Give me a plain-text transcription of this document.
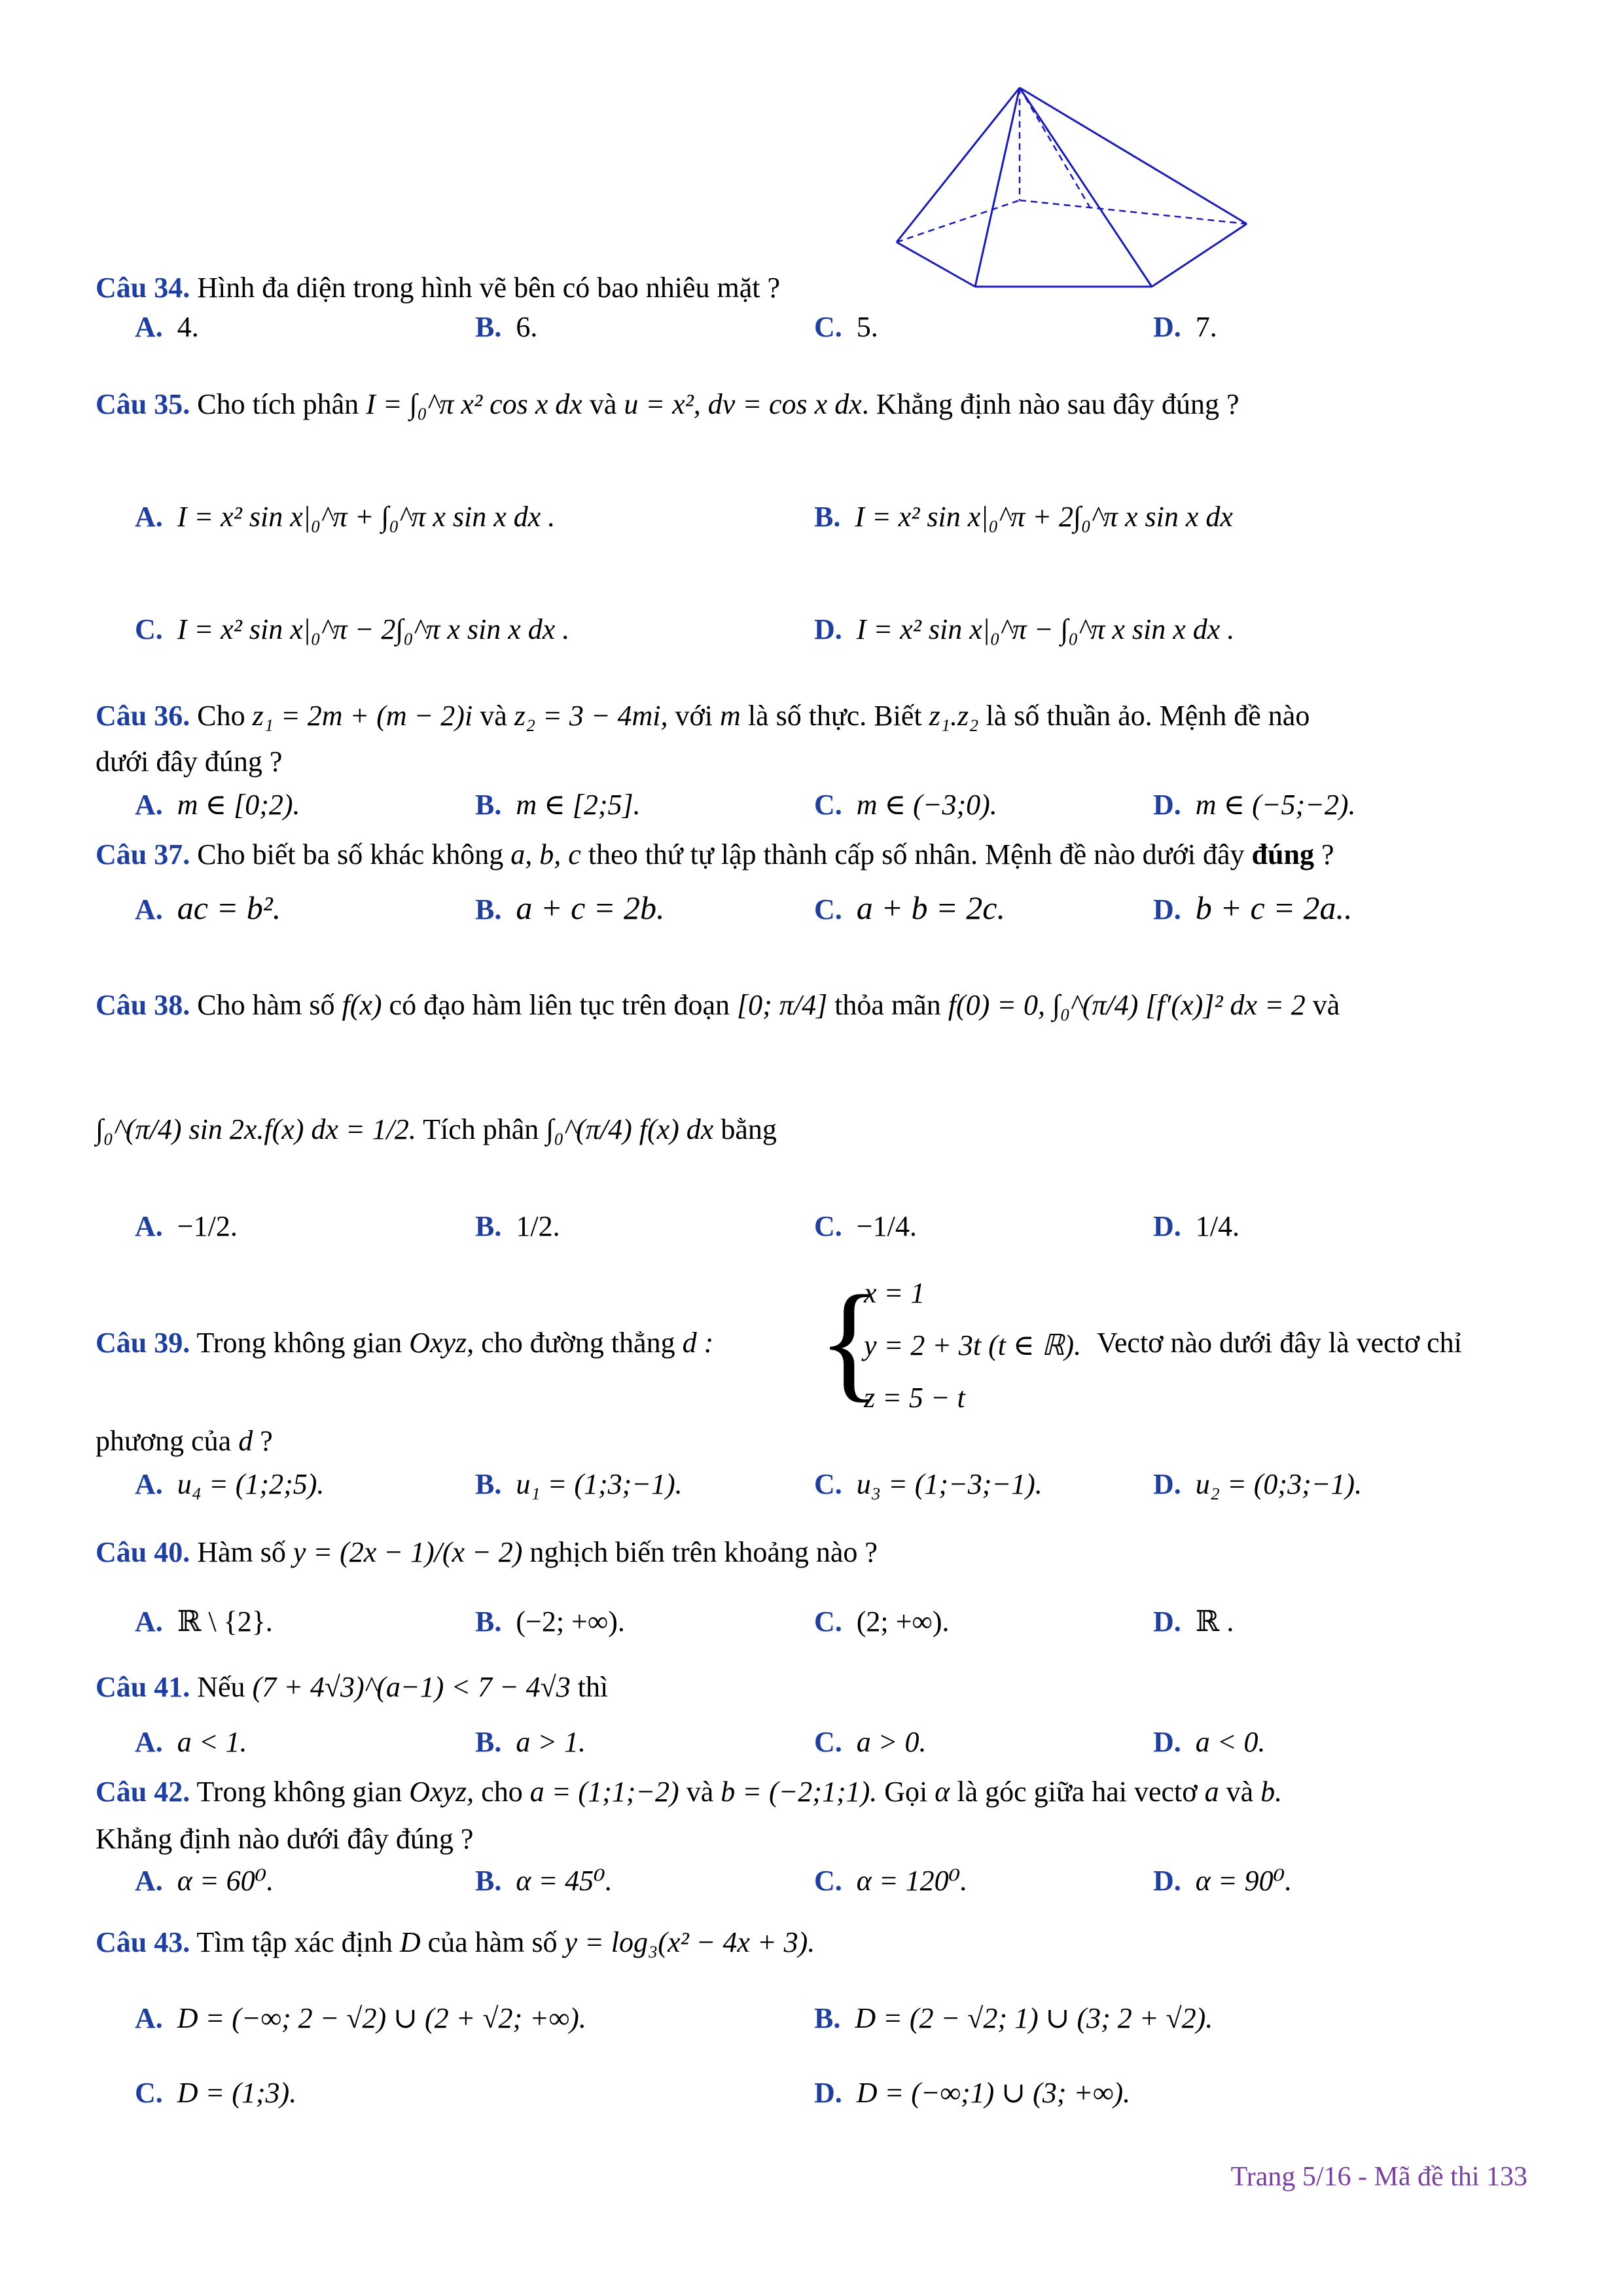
Câu 34. Hình đa diện trong hình vẽ bên có bao nhiêu mặt ?
A. 4.	B. 6.	C. 5.	D. 7.
Câu 35. Cho tích phân I = ∫₀^π x² cos x dx và u = x², dv = cos x dx. Khẳng định nào sau đây đúng ?
A. I = x² sin x|₀^π + ∫₀^π x sin x dx .	B. I = x² sin x|₀^π + 2∫₀^π x sin x dx
C. I = x² sin x|₀^π − 2∫₀^π x sin x dx .	D. I = x² sin x|₀^π − ∫₀^π x sin x dx .
Câu 36. Cho z₁ = 2m + (m − 2)i và z₂ = 3 − 4mi, với m là số thực. Biết z₁.z₂ là số thuần ảo. Mệnh đề nào
dưới đây đúng ?
A. m ∈ [0;2).	B. m ∈ [2;5].	C. m ∈ (−3;0).	D. m ∈ (−5;−2).
Câu 37. Cho biết ba số khác không a, b, c theo thứ tự lập thành cấp số nhân. Mệnh đề nào dưới đây đúng ?
A. ac = b².	B. a + c = 2b.	C. a + b = 2c.	D. b + c = 2a..
Câu 38. Cho hàm số f(x) có đạo hàm liên tục trên đoạn [0; π/4] thỏa mãn f(0) = 0, ∫₀^(π/4) [f′(x)]² dx = 2 và
∫₀^(π/4) sin 2x.f(x) dx = 1/2. Tích phân ∫₀^(π/4) f(x) dx bằng
A. −1/2.	B. 1/2.	C. −1/4.	D. 1/4.
Câu 39. Trong không gian Oxyz, cho đường thẳng d : {
x = 1
y = 2 + 3t (t ∈ ℝ).
z = 5 − t
Vectơ nào dưới đây là vectơ chỉ
phương của d ?
A. u₄ = (1;2;5).	B. u₁ = (1;3;−1).	C. u₃ = (1;−3;−1).	D. u₂ = (0;3;−1).
Câu 40. Hàm số y = (2x − 1)/(x − 2) nghịch biến trên khoảng nào ?
A. ℝ \ {2}.	B. (−2; +∞).	C. (2; +∞).	D. ℝ .
Câu 41. Nếu (7 + 4√3)^(a−1) < 7 − 4√3 thì
A. a < 1.	B. a > 1.	C. a > 0.	D. a < 0.
Câu 42. Trong không gian Oxyz, cho a = (1;1;−2) và b = (−2;1;1). Gọi α là góc giữa hai vectơ a và b.
Khẳng định nào dưới đây đúng ?
A. α = 60⁰.	B. α = 45⁰.	C. α = 120⁰.	D. α = 90⁰.
Câu 43. Tìm tập xác định D của hàm số y = log₃(x² − 4x + 3).
A. D = (−∞; 2 − √2) ∪ (2 + √2; +∞).	B. D = (2 − √2; 1) ∪ (3; 2 + √2).
C. D = (1;3).	D. D = (−∞;1) ∪ (3; +∞).
Trang 5/16 - Mã đề thi 133
